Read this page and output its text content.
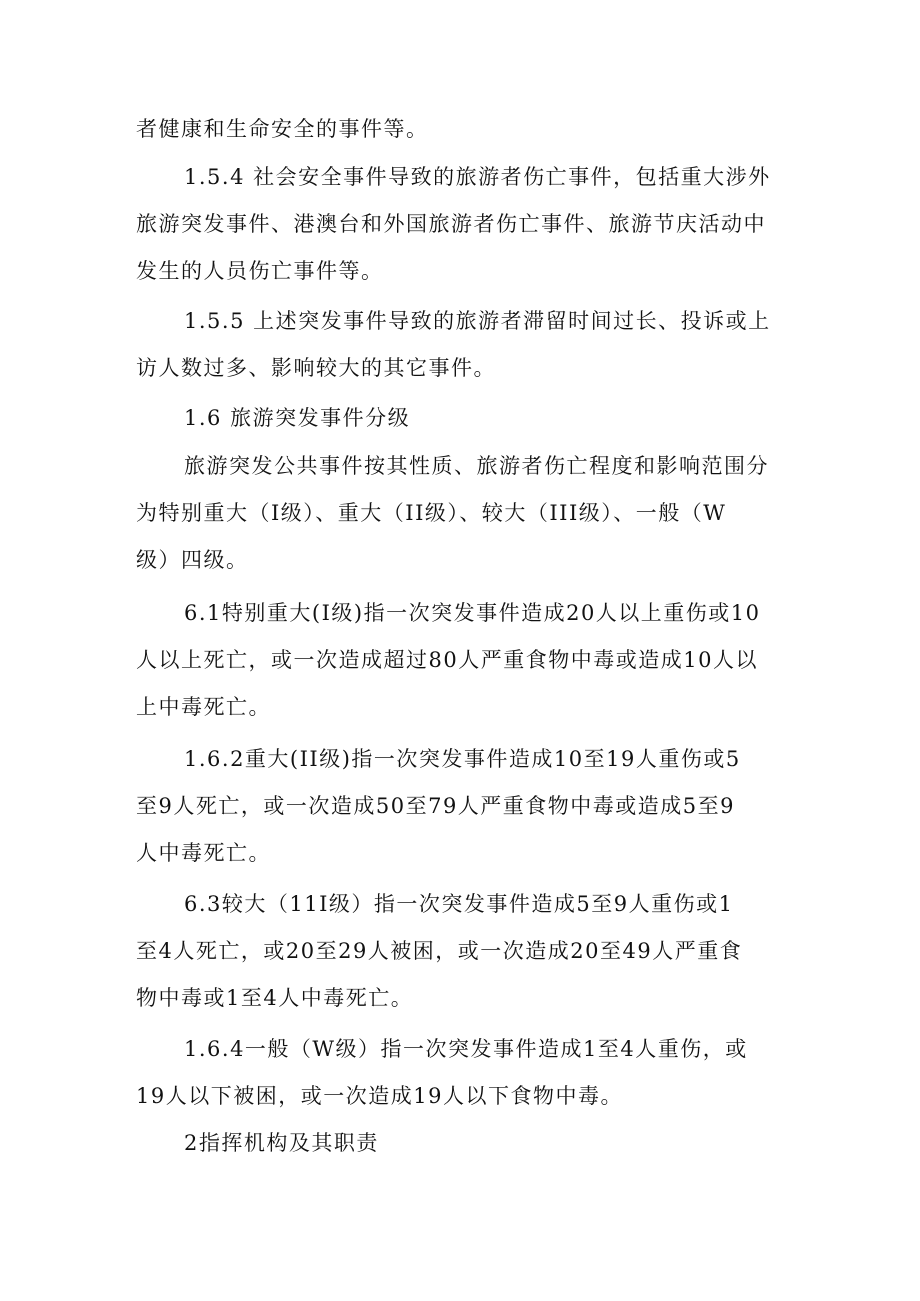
者健康和生命安全的事件等。

1.5.4 社会安全事件导致的旅游者伤亡事件，包括重大涉外
旅游突发事件、港澳台和外国旅游者伤亡事件、旅游节庆活动中
发生的人员伤亡事件等。

1.5.5 上述突发事件导致的旅游者滞留时间过长、投诉或上
访人数过多、影响较大的其它事件。

1.6 旅游突发事件分级

旅游突发公共事件按其性质、旅游者伤亡程度和影响范围分
为特别重大（I级）、重大（II级）、较大（III级）、一般（W
级）四级。

6.1特别重大(I级)指一次突发事件造成20人以上重伤或10
人以上死亡，或一次造成超过80人严重食物中毒或造成10人以
上中毒死亡。

1.6.2重大(II级)指一次突发事件造成10至19人重伤或5
至9人死亡，或一次造成50至79人严重食物中毒或造成5至9
人中毒死亡。

6.3较大（11I级）指一次突发事件造成5至9人重伤或1
至4人死亡，或20至29人被困，或一次造成20至49人严重食
物中毒或1至4人中毒死亡。

1.6.4一般（W级）指一次突发事件造成1至4人重伤，或
19人以下被困，或一次造成19人以下食物中毒。

2指挥机构及其职责
